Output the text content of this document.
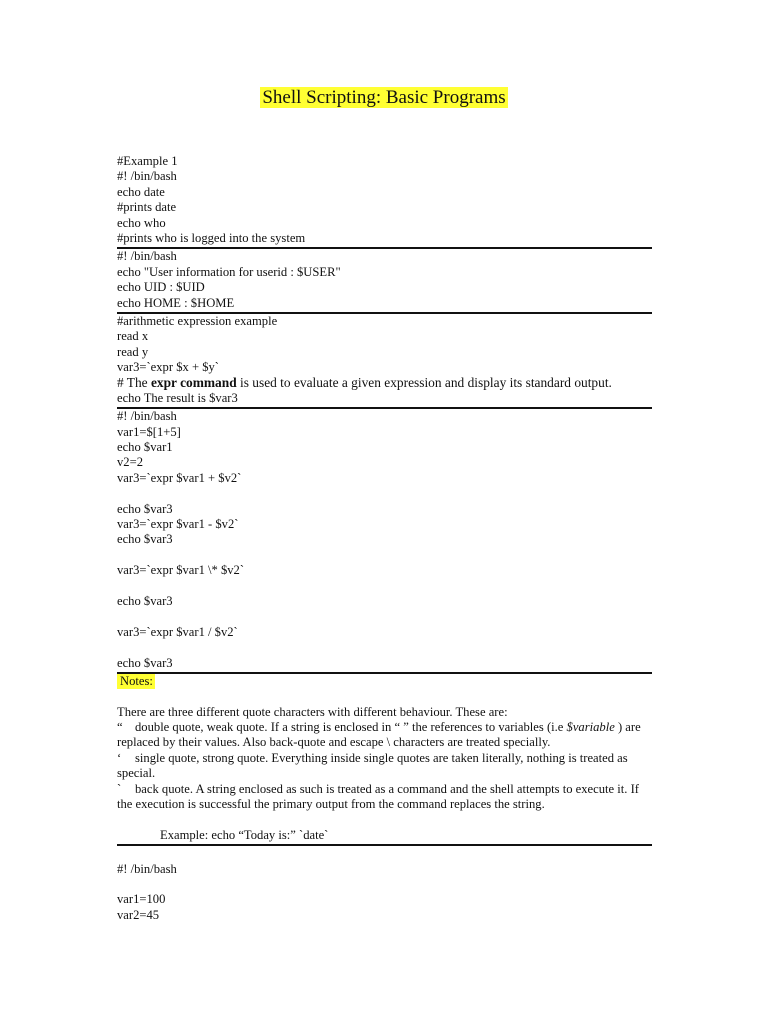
Shell Scripting: Basic Programs
#Example 1
#! /bin/bash
echo date
#prints date
echo who
#prints who is logged into the system
#! /bin/bash
echo "User information for userid : $USER"
echo UID : $UID
echo HOME : $HOME
#arithmetic expression example
read x
read y
var3=`expr $x + $y`
# The expr command is used to evaluate a given expression and display its standard output.
echo The result is $var3
#! /bin/bash
var1=$[1+5]
echo $var1
v2=2
var3=`expr $var1 + $v2`
echo $var3
var3=`expr $var1 - $v2`
echo $var3
var3=`expr $var1 \* $v2`
echo $var3
var3=`expr $var1 / $v2`
echo $var3
Notes:
There are three different quote characters with different behaviour. These are:
“ double quote, weak quote. If a string is enclosed in “ ” the references to variables (i.e $variable ) are replaced by their values. Also back-quote and escape \ characters are treated specially.
‘ single quote, strong quote. Everything inside single quotes are taken literally, nothing is treated as special.
` back quote. A string enclosed as such is treated as a command and the shell attempts to execute it. If the execution is successful the primary output from the command replaces the string.
Example: echo “Today is:” `date`
#! /bin/bash
var1=100
var2=45
